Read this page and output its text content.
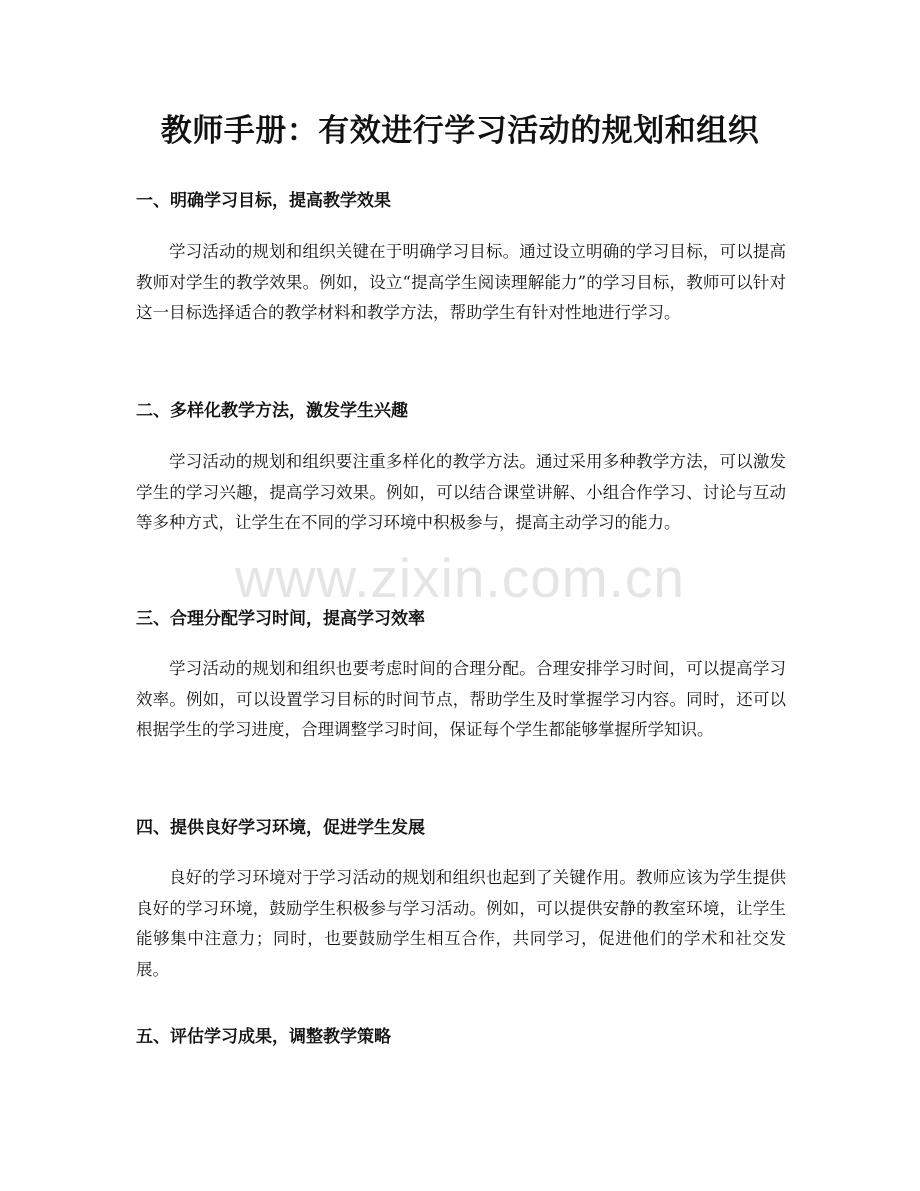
教师手册：有效进行学习活动的规划和组织
一、明确学习目标，提高教学效果

学习活动的规划和组织关键在于明确学习目标。通过设立明确的学习目标，可以提高教师对学生的教学效果。例如，设立“提高学生阅读理解能力”的学习目标，教师可以针对这一目标选择适合的教学材料和教学方法，帮助学生有针对性地进行学习。

二、多样化教学方法，激发学生兴趣

学习活动的规划和组织要注重多样化的教学方法。通过采用多种教学方法，可以激发学生的学习兴趣，提高学习效果。例如，可以结合课堂讲解、小组合作学习、讨论与互动等多种方式，让学生在不同的学习环境中积极参与，提高主动学习的能力。

三、合理分配学习时间，提高学习效率

学习活动的规划和组织也要考虑时间的合理分配。合理安排学习时间，可以提高学习效率。例如，可以设置学习目标的时间节点，帮助学生及时掌握学习内容。同时，还可以根据学生的学习进度，合理调整学习时间，保证每个学生都能够掌握所学知识。

四、提供良好学习环境，促进学生发展

良好的学习环境对于学习活动的规划和组织也起到了关键作用。教师应该为学生提供良好的学习环境，鼓励学生积极参与学习活动。例如，可以提供安静的教室环境，让学生能够集中注意力；同时，也要鼓励学生相互合作，共同学习，促进他们的学术和社交发展。

五、评估学习成果，调整教学策略
www.zixin.com.cn
